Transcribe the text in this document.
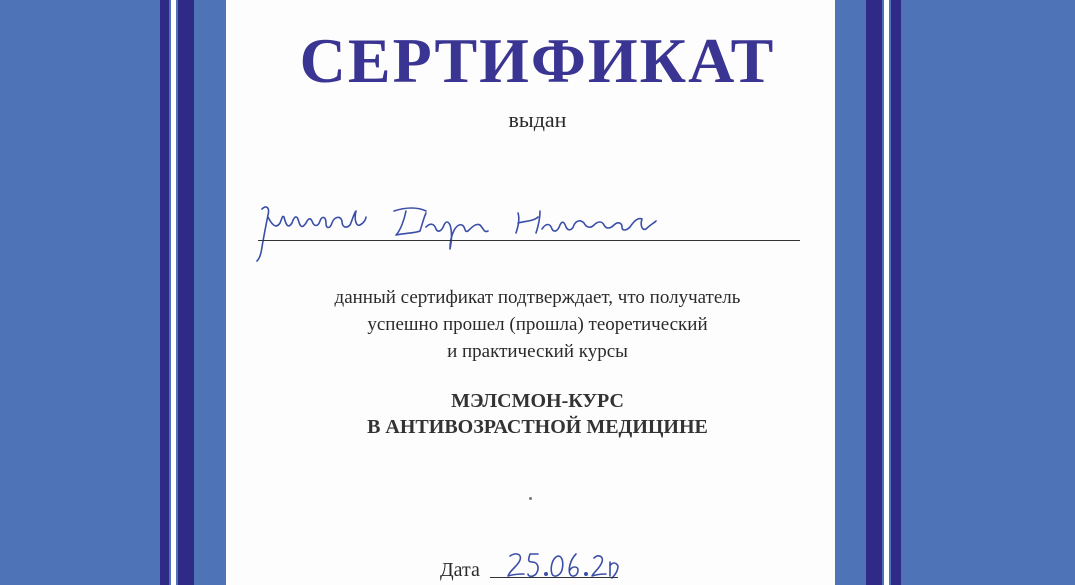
СЕРТИФИКАТ
выдан
данный сертификат подтверждает, что получатель
успешно прошел (прошла) теоретический
и практический курсы
МЭЛСМОН-КУРС
В АНТИВОЗРАСТНОЙ МЕДИЦИНЕ
Дата
